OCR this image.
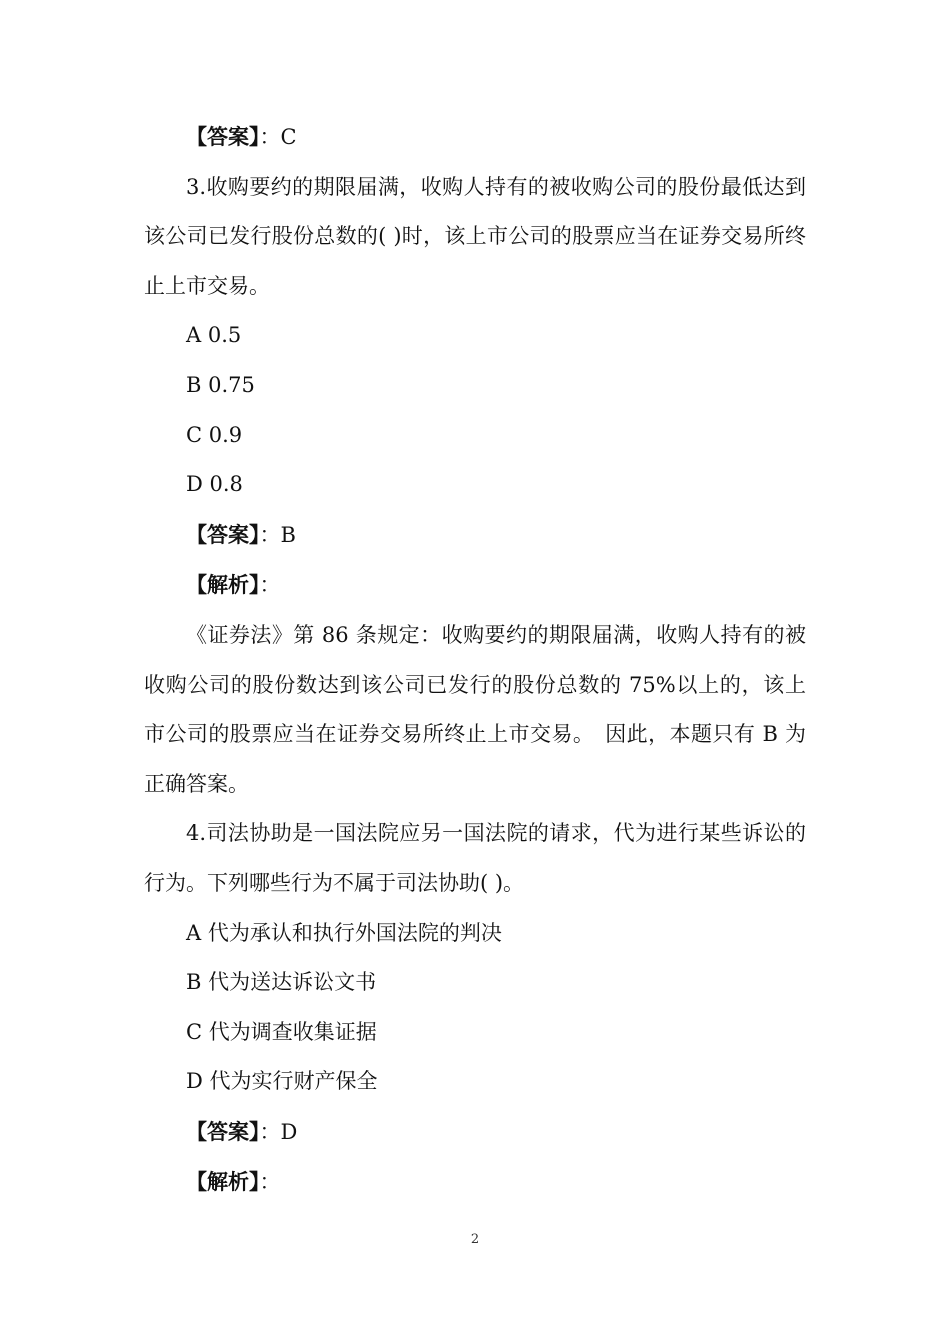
【答案】：C

3.收购要约的期限届满，收购人持有的被收购公司的股份最低达到该公司已发行股份总数的( )时，该上市公司的股票应当在证券交易所终止上市交易。

A 0.5

B 0.75

C 0.9

D 0.8

【答案】：B

【解析】：

《证券法》第 86 条规定：收购要约的期限届满，收购人持有的被收购公司的股份数达到该公司已发行的股份总数的 75%以上的，该上市公司的股票应当在证券交易所终止上市交易。　因此，本题只有 B 为正确答案。

4.司法协助是一国法院应另一国法院的请求，代为进行某些诉讼的行为。下列哪些行为不属于司法协助( )。

A 代为承认和执行外国法院的判决

B 代为送达诉讼文书

C 代为调查收集证据

D 代为实行财产保全

【答案】：D

【解析】：

2
